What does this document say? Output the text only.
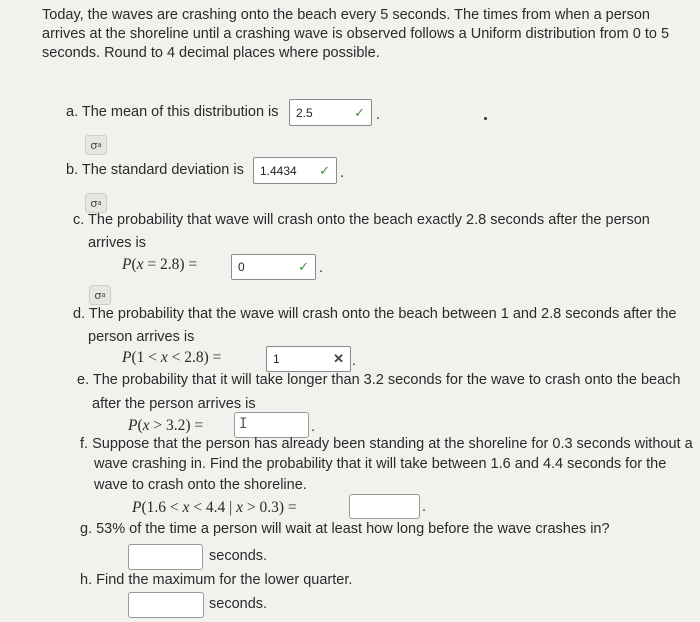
Today, the waves are crashing onto the beach every 5 seconds. The times from when a person
arrives at the shoreline until a crashing wave is observed follows a Uniform distribution from 0 to 5
seconds. Round to 4 decimal places where possible.
a. The mean of this distribution is 2.5	✓ .
σ a
b. The standard deviation is 1.4434 ✓ .
σ a
c. The probability that wave will crash onto the beach exactly 2.8 seconds after the person
arrives is
P(x = 2.8) =	0	✓ .
σ a
d. The probability that the wave will crash onto the beach between 1 and 2.8 seconds after the
person arrives is
P(1 < x < 2.8) =	1	✕ .
e. The probability that it will take longer than 3.2 seconds for the wave to crash onto the beach
after the person arrives is
P(x > 3.2) =	I	.
f. Suppose that the person has already been standing at the shoreline for 0.3 seconds without a
wave crashing in. Find the probability that it will take between 1.6 and 4.4 seconds for the
wave to crash onto the shoreline.
P(1.6 < x < 4.4 | x > 0.3) =	.
g. 53% of the time a person will wait at least how long before the wave crashes in?
seconds.
h. Find the maximum for the lower quarter.
seconds.
